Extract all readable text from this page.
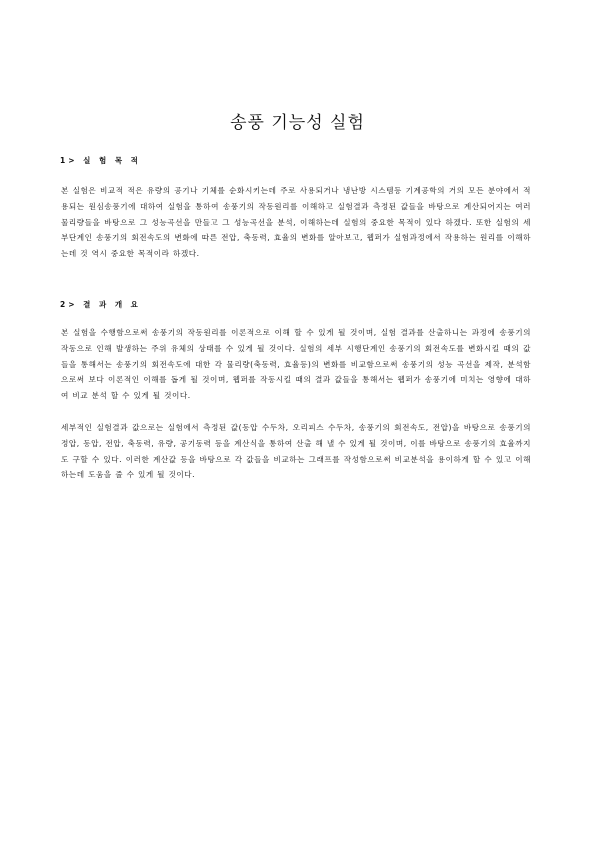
송풍 기능성 실험
1> 실 험 목 적
본 실험은 비교적 적은 유량의 공기나 기체를 순화시키는데 주로 사용되거나 냉난방 시스템등 기계공학의 거의 모든 분야에서 적용되는 원심송풍기에 대하여 실험을 통하여 송풍기의 작동원리를 이해하고 실험결과 측정된 값들을 바탕으로 계산되어지는 여러 물리량들을 바탕으로 그 성능곡선을 만들고 그 성능곡선을 분석, 이해하는데 실험의 중요한 목적이 있다 하겠다. 또한 실험의 세부단계인 송풍기의 회전속도의 변화에 따른 전압, 축동력, 효율의 변화를 알아보고, 웹퍼가 실험과정에서 작용하는 원리를 이해하는데 것 역시 중요한 목적이라 하겠다.
2> 결 과 개 요
본 실험을 수행함으로써 송풍기의 작동원리를 이론적으로 이해 할 수 있게 될 것이며, 실험 결과를 산출하니는 과정에 송풍기의 작동으로 인해 발생하는 주위 유체의 상태를 수 있게 될 것이다. 실험의 세부 시행단계인 송풍기의 회전속도를 변화시킬 때의 값들을 통해서는 송풍기의 회전속도에 대한 각 물리량(축동력, 효율등)의 변화를 비교함으로써 송풍기의 성능 곡선을 제작, 분석함으로써 보다 이론적인 이해를 돕게 될 것이며, 웹퍼를 작동시킬 때의 결과 값들을 통해서는 웹퍼가 송풍기에 미치는 영향에 대하여 비교 분석 할 수 있게 될 것이다.
세부적인 실험결과 값으로는 실험에서 측정된 값(동압 수두차, 오리피스 수두차, 송풍기의 회전속도, 전압)을 바탕으로 송풍기의 정압, 동압, 전압, 축동력, 유량, 공기동력 등을 계산식을 통하여 산출 해 낼 수 있게 될 것이며, 이를 바탕으로 송풍기의 효율까지도 구할 수 있다. 이러한 계산값 등을 바탕으로 각 값들을 비교하는 그래프를 작성함으로써 비교분석을 용이하게 할 수 있고 이해하는데 도움을 줄 수 있게 될 것이다.
